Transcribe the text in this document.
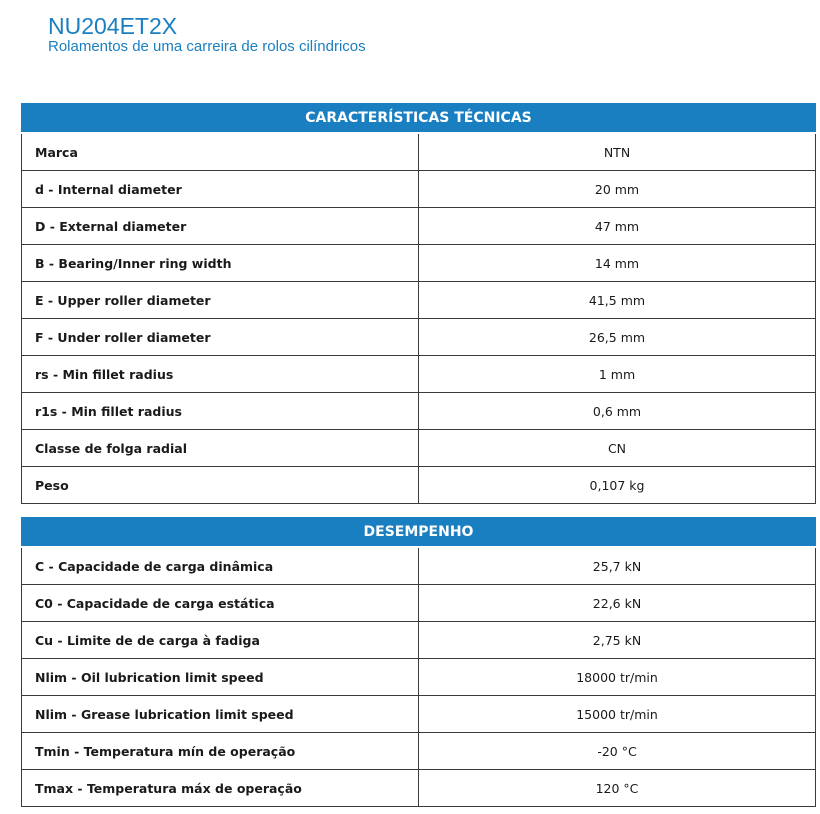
NU204ET2X
Rolamentos de uma carreira de rolos cilíndricos
CARACTERÍSTICAS TÉCNICAS	
Marca	NTN
d - Internal diameter	20 mm
D - External diameter	47 mm
B - Bearing/Inner ring width	14 mm
E - Upper roller diameter	41,5 mm
F - Under roller diameter	26,5 mm
rs - Min fillet radius	1 mm
r1s - Min fillet radius	0,6 mm
Classe de folga radial	CN
Peso	0,107 kg
DESEMPENHO	
C - Capacidade de carga dinâmica	25,7 kN
C0 - Capacidade de carga estática	22,6 kN
Cu - Limite de de carga à fadiga	2,75 kN
Nlim - Oil lubrication limit speed	18000 tr/min
Nlim - Grease lubrication limit speed	15000 tr/min
Tmin - Temperatura mín de operação	-20 °C
Tmax - Temperatura máx de operação	120 °C
